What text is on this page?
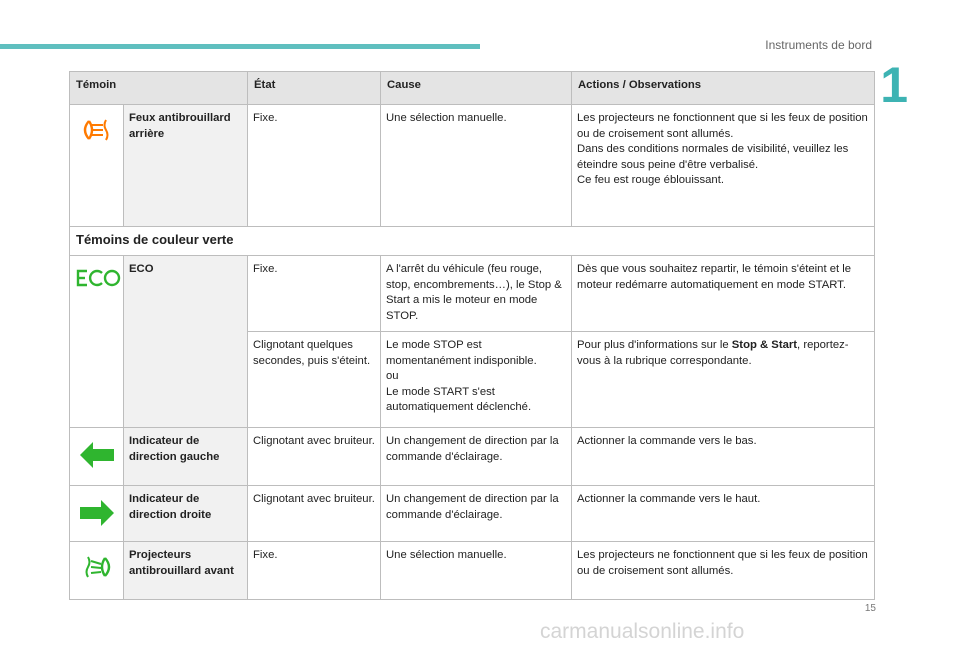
Instruments de bord
1
Témoin		État	Cause	Actions / Observations
	Feux antibrouillard arrière	Fixe.	Une sélection manuelle.	Les projecteurs ne fonctionnent que si les feux de position ou de croisement sont allumés.
Dans des conditions normales de visibilité, veuillez les éteindre sous peine d'être verbalisé.
Ce feu est rouge éblouissant.

Témoins de couleur verte				
	ECO	Fixe.	A l'arrêt du véhicule (feu rouge, stop, encombrements…), le Stop & Start a mis le moteur en mode STOP.	Dès que vous souhaitez repartir, le témoin s'éteint et le moteur redémarre automatiquement en mode START.
		Clignotant quelques secondes, puis s'éteint.	Le mode STOP est momentanément indisponible.
ou
Le mode START s'est automatiquement déclenché.	Pour plus d'informations sur le Stop & Start, reportez-vous à la rubrique correspondante.
	Indicateur de direction gauche	Clignotant avec bruiteur.	Un changement de direction par la commande d'éclairage.	Actionner la commande vers le bas.
	Indicateur de direction droite	Clignotant avec bruiteur.	Un changement de direction par la commande d'éclairage.	Actionner la commande vers le haut.
	Projecteurs antibrouillard avant	Fixe.	Une sélection manuelle.	Les projecteurs ne fonctionnent que si les feux de position ou de croisement sont allumés.
15
carmanualsonline.info
